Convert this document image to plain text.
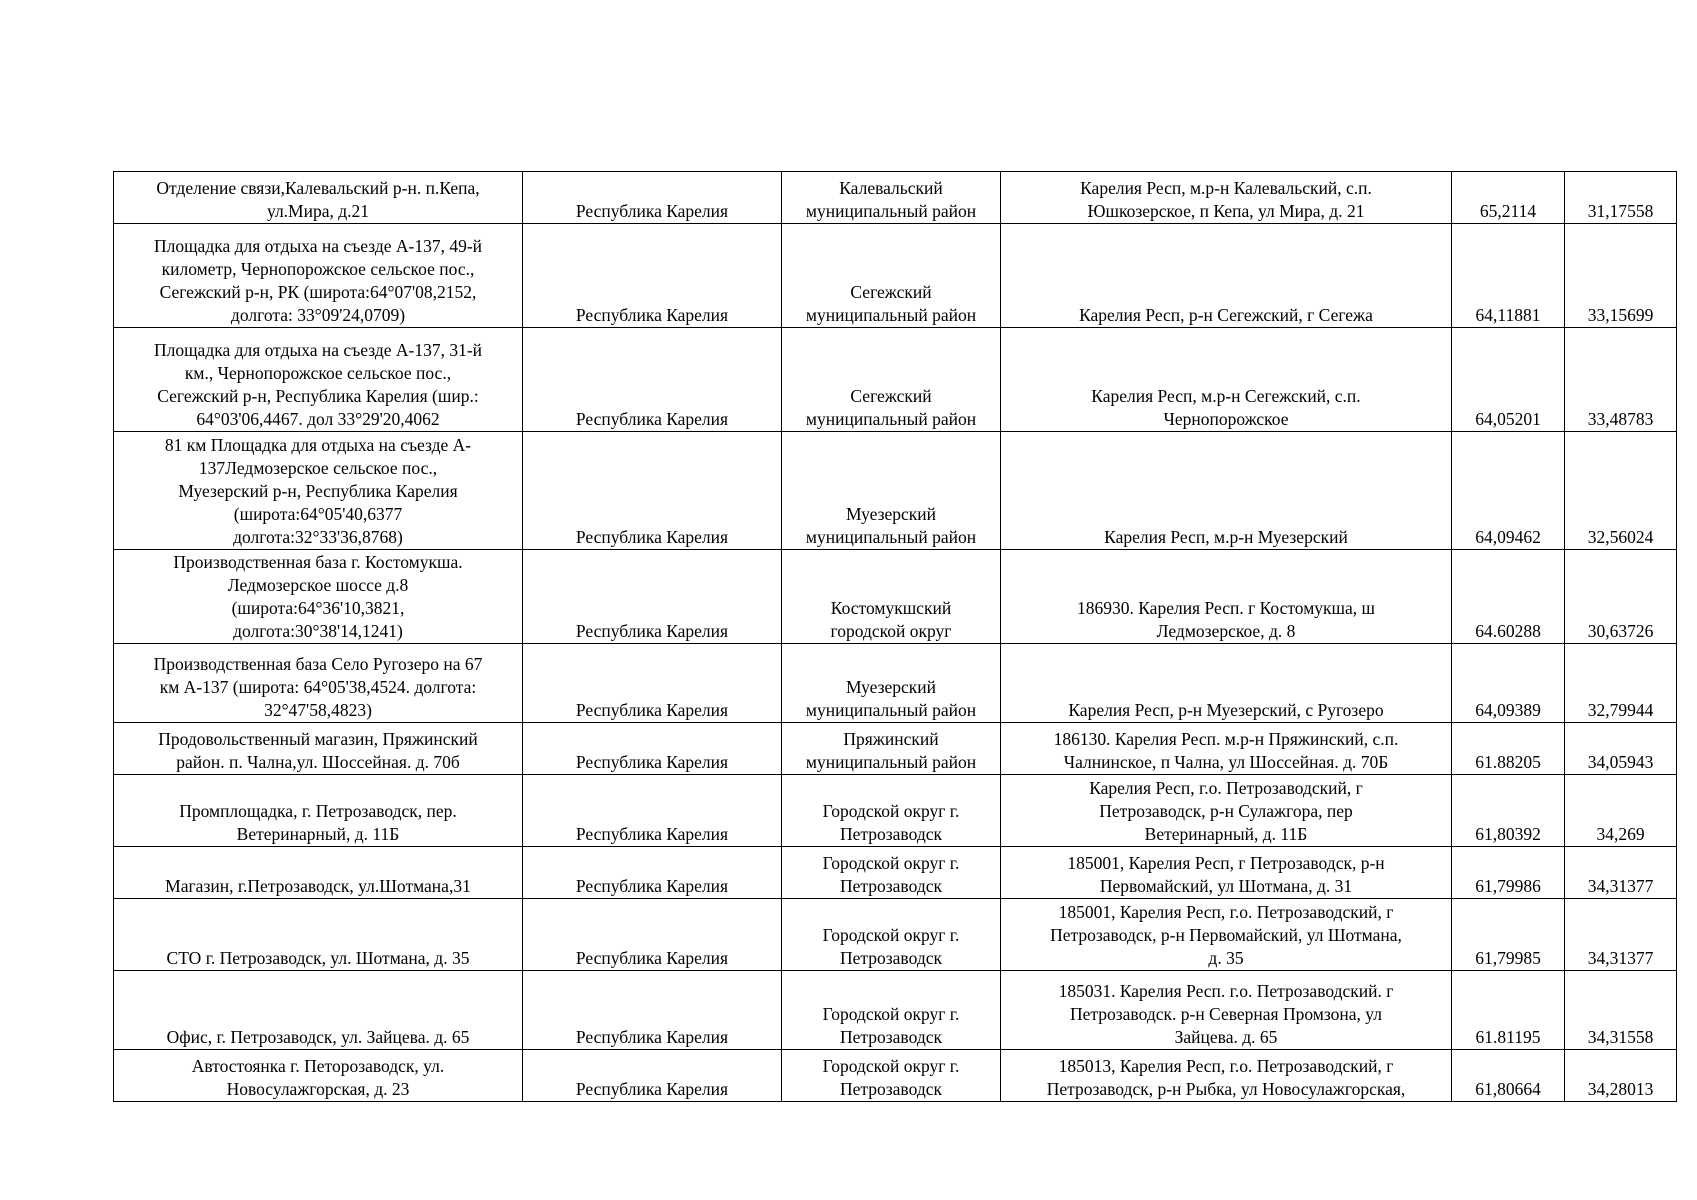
Отделение связи,Калевальский р-н. п.Кепа,
ул.Мира, д.21	Республика Карелия	Калевальский
муниципальный район	Карелия Респ, м.р-н Калевальский, с.п.
Юшкозерское, п Кепа, ул Мира, д. 21	65,2114	31,17558
Площадка для отдыха на съезде А-137, 49-й
километр, Чернопорожское сельское пос.,
Сегежский р-н, РК (широта:64°07'08,2152,
долгота: 33°09'24,0709)	Республика Карелия	Сегежский
муниципальный район	Карелия Респ, р-н Сегежский, г Сегежа	64,11881	33,15699
Площадка для отдыха на съезде А-137, 31-й
км., Чернопорожское сельское пос.,
Сегежский р-н, Республика Карелия (шир.:
64°03'06,4467. дол 33°29'20,4062	Республика Карелия	Сегежский
муниципальный район	Карелия Респ, м.р-н Сегежский, с.п.
Чернопорожское	64,05201	33,48783
81 км Площадка для отдыха на съезде А-
137Ледмозерское сельское пос.,
Муезерский р-н, Республика Карелия
(широта:64°05'40,6377
долгота:32°33'36,8768)	Республика Карелия	Муезерский
муниципальный район	Карелия Респ, м.р-н Муезерский	64,09462	32,56024
Производственная база г. Костомукша.
Ледмозерское шоссе д.8
(широта:64°36'10,3821,
долгота:30°38'14,1241)	Республика Карелия	Костомукшский
городской округ	186930. Карелия Респ. г Костомукша, ш
Ледмозерское, д. 8	64.60288	30,63726
Производственная база Село Ругозеро на 67
км А-137 (широта: 64°05'38,4524. долгота:
32°47'58,4823)	Республика Карелия	Муезерский
муниципальный район	Карелия Респ, р-н Муезерский, с Ругозеро	64,09389	32,79944
Продовольственный магазин, Пряжинский
район. п. Чална,ул. Шоссейная. д. 70б	Республика Карелия	Пряжинский
муниципальный район	186130. Карелия Респ. м.р-н Пряжинский, с.п.
Чалнинское, п Чална, ул Шоссейная. д. 70Б	61.88205	34,05943
Промплощадка, г. Петрозаводск, пер.
Ветеринарный, д. 11Б	Республика Карелия	Городской округ г.
Петрозаводск	Карелия Респ, г.о. Петрозаводский, г
Петрозаводск, р-н Сулажгора, пер
Ветеринарный, д. 11Б	61,80392	34,269
Магазин, г.Петрозаводск, ул.Шотмана,31	Республика Карелия	Городской округ г.
Петрозаводск	185001, Карелия Респ, г Петрозаводск, р-н
Первомайский, ул Шотмана, д. 31	61,79986	34,31377
СТО г. Петрозаводск, ул. Шотмана, д. 35	Республика Карелия	Городской округ г.
Петрозаводск	185001, Карелия Респ, г.о. Петрозаводский, г
Петрозаводск, р-н Первомайский, ул Шотмана,
д. 35	61,79985	34,31377
Офис, г. Петрозаводск, ул. Зайцева. д. 65	Республика Карелия	Городской округ г.
Петрозаводск	185031. Карелия Респ. г.о. Петрозаводский. г
Петрозаводск. р-н Северная Промзона, ул
Зайцева. д. 65	61.81195	34,31558
Автостоянка г. Петорозаводск, ул.
Новосулажгорская, д. 23	Республика Карелия	Городской округ г.
Петрозаводск	185013, Карелия Респ, г.о. Петрозаводский, г
Петрозаводск, р-н Рыбка, ул Новосулажгорская,	61,80664	34,28013
